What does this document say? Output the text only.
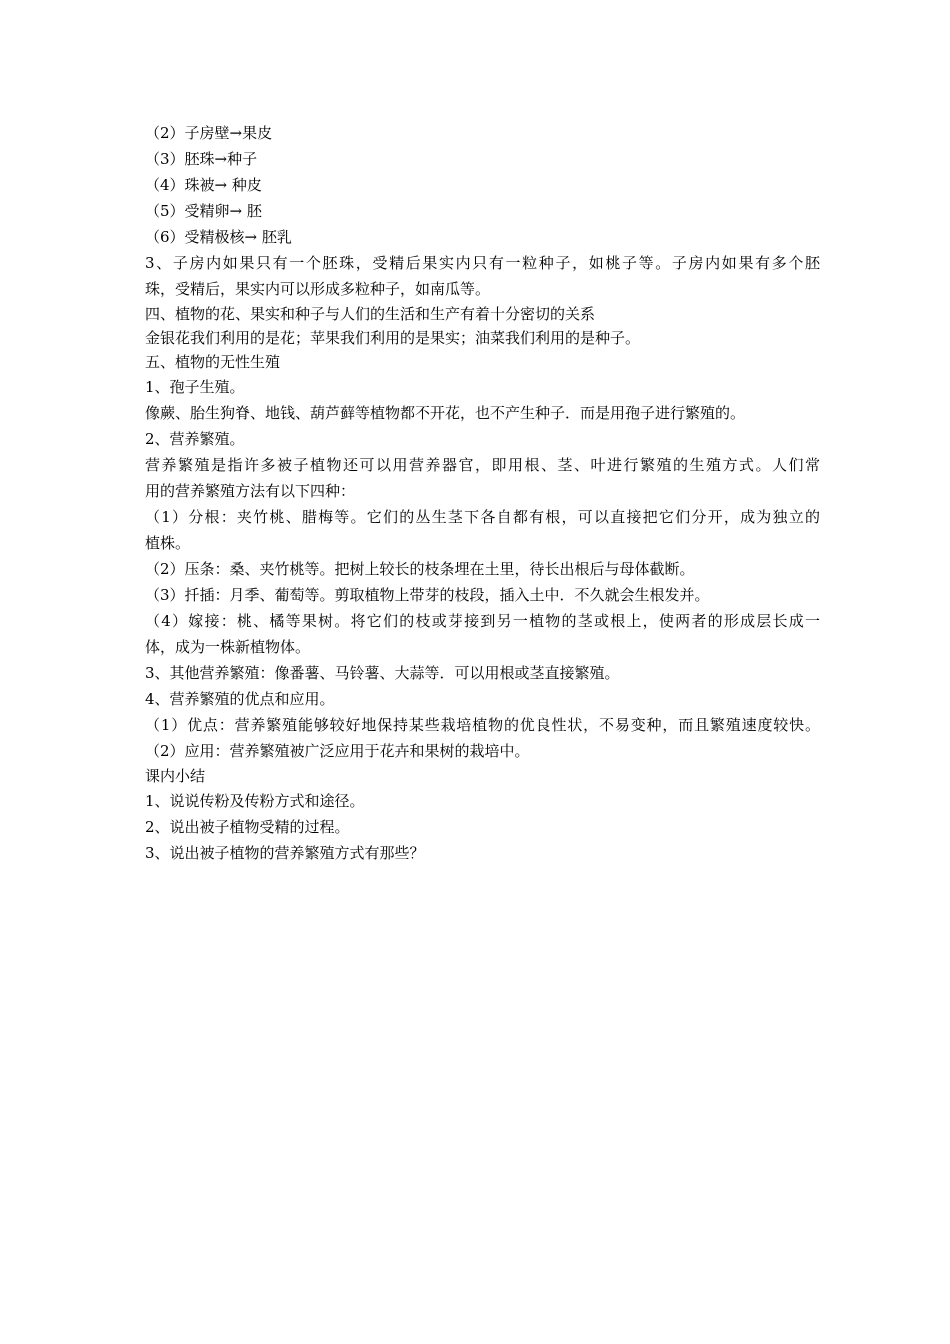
（2）子房壁→果皮
（3）胚珠→种子
（4）珠被→ 种皮
（5）受精卵→ 胚
（6）受精极核→ 胚乳
3、子房内如果只有一个胚珠，受精后果实内只有一粒种子，如桃子等。子房内如果有多个胚
珠，受精后，果实内可以形成多粒种子，如南瓜等。
四、植物的花、果实和种子与人们的生活和生产有着十分密切的关系
金银花我们利用的是花；苹果我们利用的是果实；油菜我们利用的是种子。
五、植物的无性生殖
1、孢子生殖。
像蕨、胎生狗脊、地钱、葫芦藓等植物都不开花，也不产生种子．而是用孢子进行繁殖的。
2、营养繁殖。
营养繁殖是指许多被子植物还可以用营养器官，即用根、茎、叶进行繁殖的生殖方式。人们常
用的营养繁殖方法有以下四种：
（1）分根：夹竹桃、腊梅等。它们的丛生茎下各自都有根，可以直接把它们分开，成为独立的
植株。
（2）压条：桑、夹竹桃等。把树上较长的枝条埋在土里，待长出根后与母体截断。
（3）扦插：月季、葡萄等。剪取植物上带芽的枝段，插入土中．不久就会生根发并。
（4）嫁接：桃、橘等果树。将它们的枝或芽接到另一植物的茎或根上，使两者的形成层长成一
体，成为一株新植物体。
3、其他营养繁殖：像番薯、马铃薯、大蒜等．可以用根或茎直接繁殖。
4、营养繁殖的优点和应用。
（1）优点：营养繁殖能够较好地保持某些栽培植物的优良性状，不易变种，而且繁殖速度较快。
（2）应用：营养繁殖被广泛应用于花卉和果树的栽培中。
课内小结
1、说说传粉及传粉方式和途径。
2、说出被子植物受精的过程。
3、说出被子植物的营养繁殖方式有那些？
